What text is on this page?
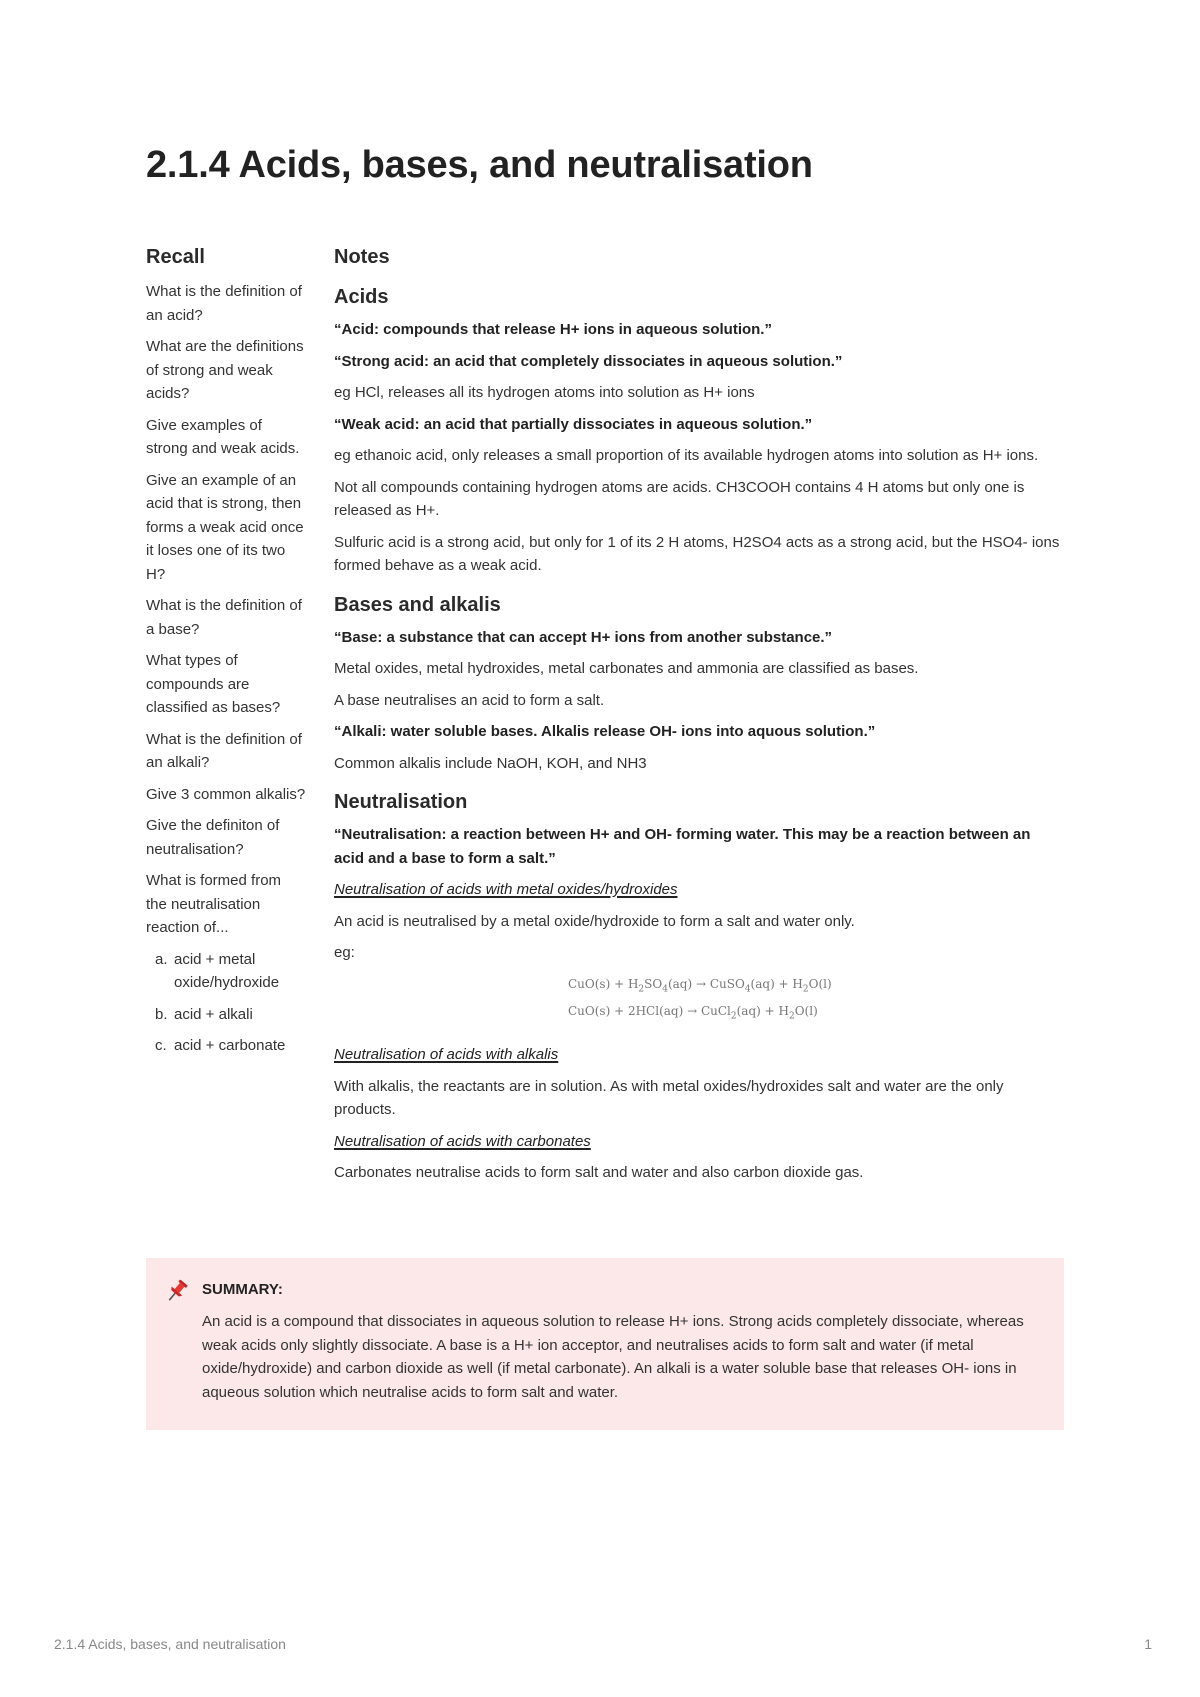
2.1.4 Acids, bases, and neutralisation
Recall
What is the definition of an acid?
What are the definitions of strong and weak acids?
Give examples of strong and weak acids.
Give an example of an acid that is strong, then forms a weak acid once it loses one of its two H?
What is the definition of a base?
What types of compounds are classified as bases?
What is the definition of an alkali?
Give 3 common alkalis?
Give the definiton of neutralisation?
What is formed from the neutralisation reaction of...
a. acid + metal oxide/hydroxide
b. acid + alkali
c. acid + carbonate
Notes
Acids

“Acid: compounds that release H+ ions in aqueous solution.”

“Strong acid: an acid that completely dissociates in aqueous solution.”

eg HCl, releases all its hydrogen atoms into solution as H+ ions

“Weak acid: an acid that partially dissociates in aqueous solution.”

eg ethanoic acid, only releases a small proportion of its available hydrogen atoms into solution as H+ ions.

Not all compounds containing hydrogen atoms are acids. CH3COOH contains 4 H atoms but only one is released as H+.

Sulfuric acid is a strong acid, but only for 1 of its 2 H atoms, H2SO4 acts as a strong acid, but the HSO4- ions formed behave as a weak acid.

Bases and alkalis

“Base: a substance that can accept H+ ions from another substance.”

Metal oxides, metal hydroxides, metal carbonates and ammonia are classified as bases.

A base neutralises an acid to form a salt.

“Alkali: water soluble bases. Alkalis release OH- ions into aquous solution.”

Common alkalis include NaOH, KOH, and NH3

Neutralisation

“Neutralisation: a reaction between H+ and OH- forming water. This may be a reaction between an acid and a base to form a salt.”

Neutralisation of acids with metal oxides/hydroxides

An acid is neutralised by a metal oxide/hydroxide to form a salt and water only.

eg:

$CuO(s) + H_2SO_4(aq)$ → CuSO$_4$(aq) + $H_2O(l)$
CuO(s) + 2HCl(aq) → CuCl$_2$(aq) + $H_2O(l)$

Neutralisation of acids with alkalis

With alkalis, the reactants are in solution. As with metal oxides/hydroxides salt and water are the only products.

Neutralisation of acids with carbonates

Carbonates neutralise acids to form salt and water and also carbon dioxide gas.

SUMMARY:

An acid is a compound that dissociates in aqueous solution to release H+ ions. Strong acids completely dissociate, whereas weak acids only slightly dissociate. A base is a H+ ion acceptor, and neutralises acids to form salt and water (if metal oxide/hydroxide) and carbon dioxide as well (if metal carbonate). An alkali is a water soluble base that releases OH- ions in aqueous solution which neutralise acids to form salt and water.

2.1.4 Acids, bases, and neutralisation	1
